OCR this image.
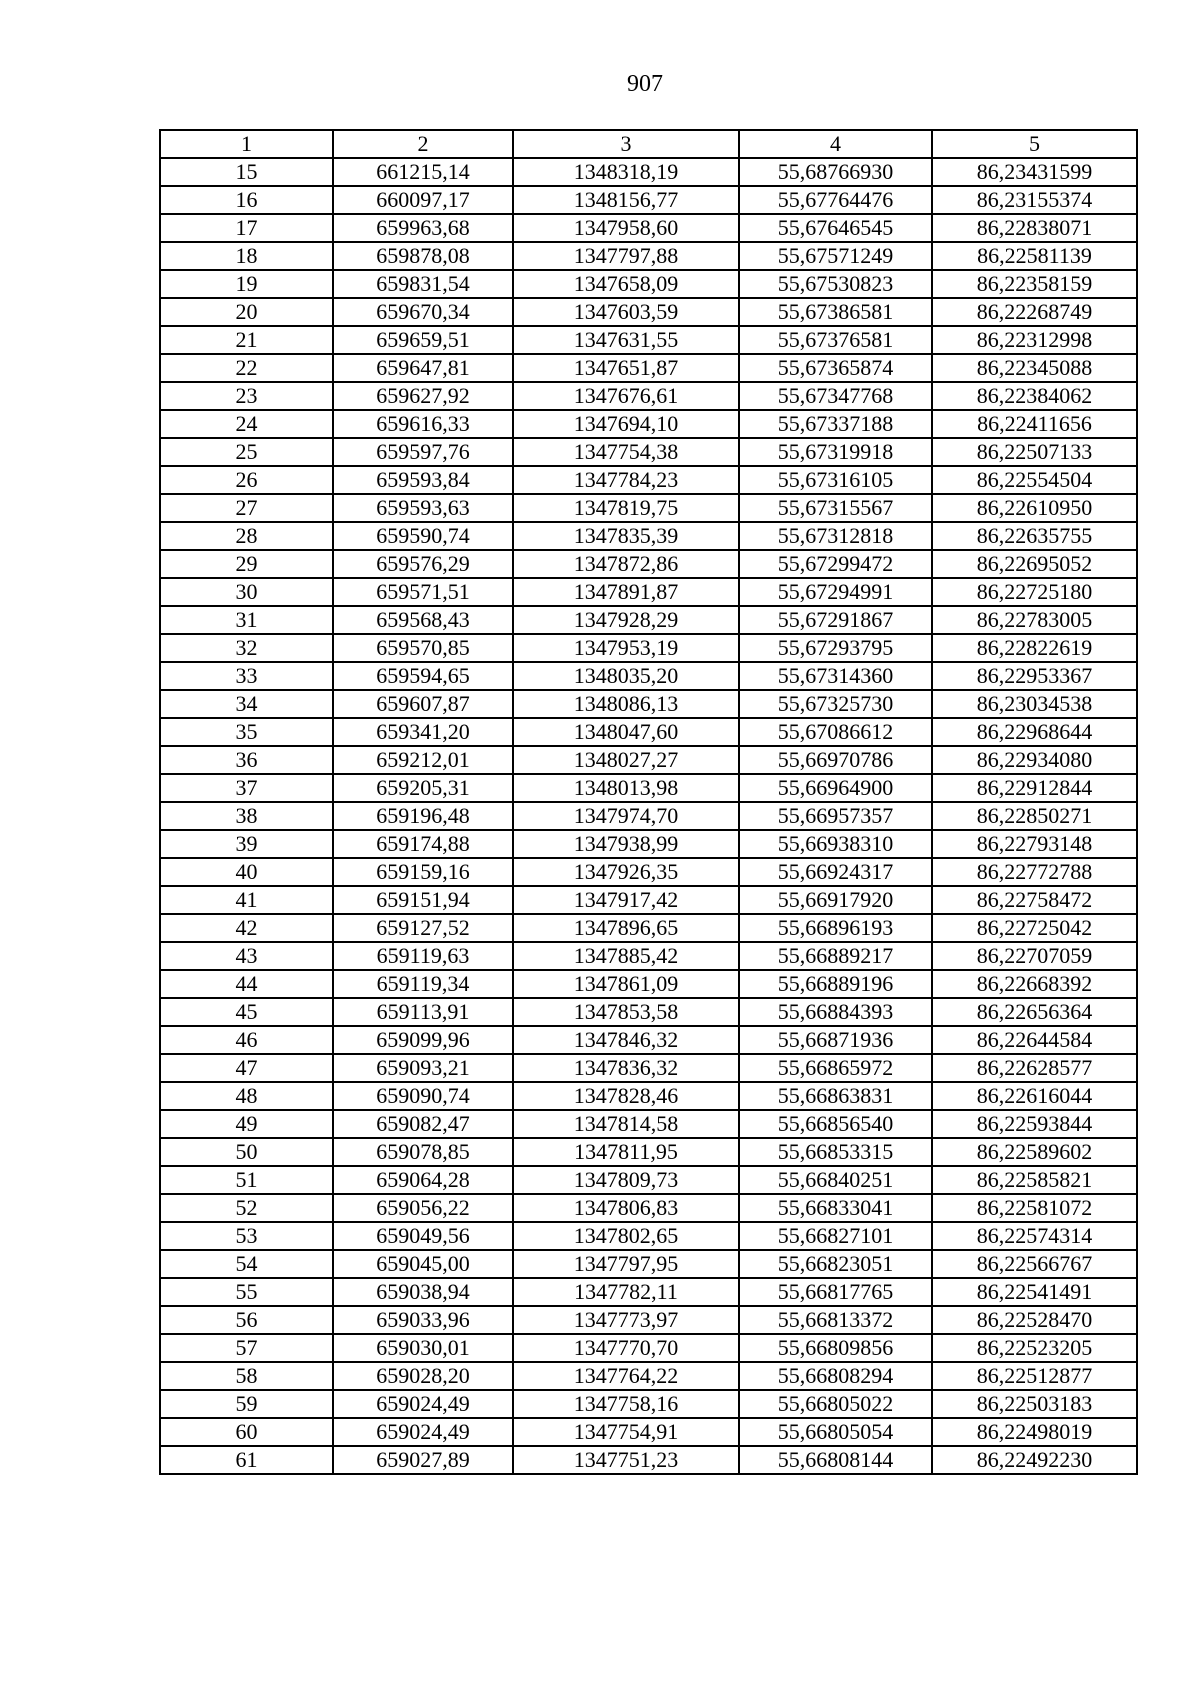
907
1	2	3	4	5
15	661215,14	1348318,19	55,68766930	86,23431599
16	660097,17	1348156,77	55,67764476	86,23155374
17	659963,68	1347958,60	55,67646545	86,22838071
18	659878,08	1347797,88	55,67571249	86,22581139
19	659831,54	1347658,09	55,67530823	86,22358159
20	659670,34	1347603,59	55,67386581	86,22268749
21	659659,51	1347631,55	55,67376581	86,22312998
22	659647,81	1347651,87	55,67365874	86,22345088
23	659627,92	1347676,61	55,67347768	86,22384062
24	659616,33	1347694,10	55,67337188	86,22411656
25	659597,76	1347754,38	55,67319918	86,22507133
26	659593,84	1347784,23	55,67316105	86,22554504
27	659593,63	1347819,75	55,67315567	86,22610950
28	659590,74	1347835,39	55,67312818	86,22635755
29	659576,29	1347872,86	55,67299472	86,22695052
30	659571,51	1347891,87	55,67294991	86,22725180
31	659568,43	1347928,29	55,67291867	86,22783005
32	659570,85	1347953,19	55,67293795	86,22822619
33	659594,65	1348035,20	55,67314360	86,22953367
34	659607,87	1348086,13	55,67325730	86,23034538
35	659341,20	1348047,60	55,67086612	86,22968644
36	659212,01	1348027,27	55,66970786	86,22934080
37	659205,31	1348013,98	55,66964900	86,22912844
38	659196,48	1347974,70	55,66957357	86,22850271
39	659174,88	1347938,99	55,66938310	86,22793148
40	659159,16	1347926,35	55,66924317	86,22772788
41	659151,94	1347917,42	55,66917920	86,22758472
42	659127,52	1347896,65	55,66896193	86,22725042
43	659119,63	1347885,42	55,66889217	86,22707059
44	659119,34	1347861,09	55,66889196	86,22668392
45	659113,91	1347853,58	55,66884393	86,22656364
46	659099,96	1347846,32	55,66871936	86,22644584
47	659093,21	1347836,32	55,66865972	86,22628577
48	659090,74	1347828,46	55,66863831	86,22616044
49	659082,47	1347814,58	55,66856540	86,22593844
50	659078,85	1347811,95	55,66853315	86,22589602
51	659064,28	1347809,73	55,66840251	86,22585821
52	659056,22	1347806,83	55,66833041	86,22581072
53	659049,56	1347802,65	55,66827101	86,22574314
54	659045,00	1347797,95	55,66823051	86,22566767
55	659038,94	1347782,11	55,66817765	86,22541491
56	659033,96	1347773,97	55,66813372	86,22528470
57	659030,01	1347770,70	55,66809856	86,22523205
58	659028,20	1347764,22	55,66808294	86,22512877
59	659024,49	1347758,16	55,66805022	86,22503183
60	659024,49	1347754,91	55,66805054	86,22498019
61	659027,89	1347751,23	55,66808144	86,22492230
